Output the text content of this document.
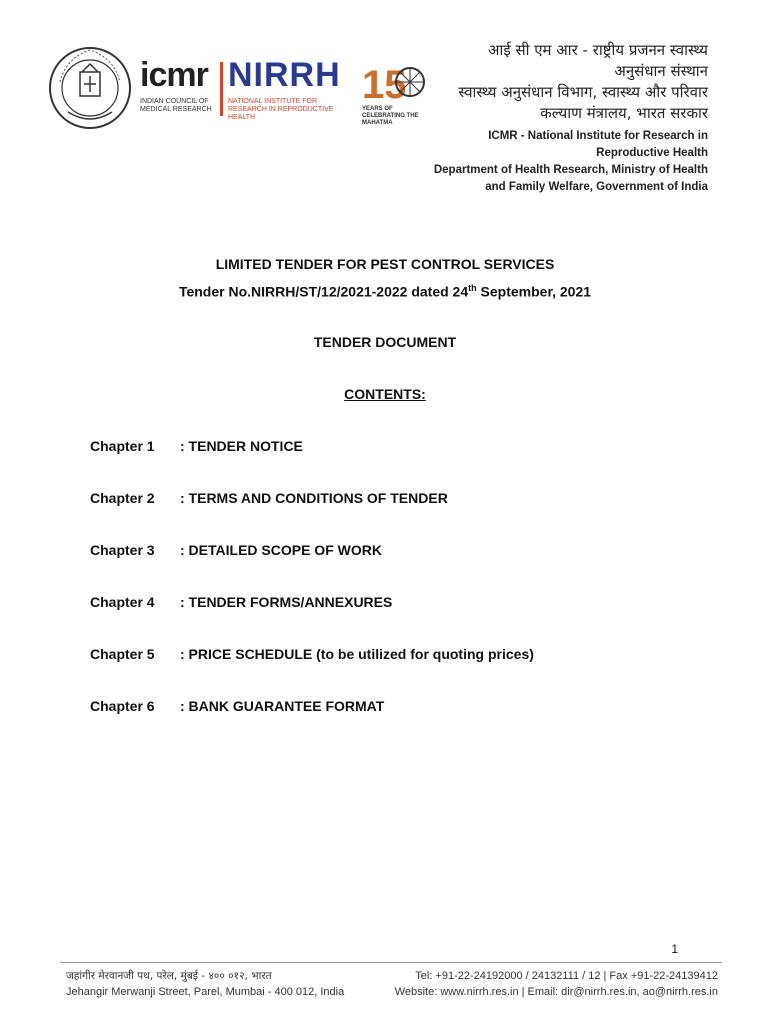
icmr NIRRH
INDIAN COUNCIL OF MEDICAL RESEARCH
NATIONAL INSTITUTE FOR RESEARCH IN REPRODUCTIVE HEALTH
15
YEARS OF CELEBRATING THE MAHATMA
आई सी एम आर - राष्ट्रीय प्रजनन स्वास्थ्य
अनुसंधान संस्थान
स्वास्थ्य अनुसंधान विभाग, स्वास्थ्य और परिवार
कल्याण मंत्रालय, भारत सरकार
ICMR - National Institute for Research in
Reproductive Health
Department of Health Research, Ministry of Health
and Family Welfare, Government of India
LIMITED TENDER FOR PEST CONTROL SERVICES
Tender No.NIRRH/ST/12/2021-2022 dated 24th September, 2021
TENDER DOCUMENT
CONTENTS:
Chapter 1 : TENDER NOTICE
Chapter 2 : TERMS AND CONDITIONS OF TENDER
Chapter 3 : DETAILED SCOPE OF WORK
Chapter 4 : TENDER FORMS/ANNEXURES
Chapter 5 : PRICE SCHEDULE (to be utilized for quoting prices)
Chapter 6 : BANK GUARANTEE FORMAT
1
जहांगीर मेरवानजी पथ, परेल, मुंबई - ४०० ०१२, भारत
Jehangir Merwanji Street, Parel, Mumbai - 400 012, India
Tel: +91-22-24192000 / 24132111 / 12 | Fax +91-22-24139412
Website: www.nirrh.res.in | Email: dir@nirrh.res.in, ao@nirrh.res.in
